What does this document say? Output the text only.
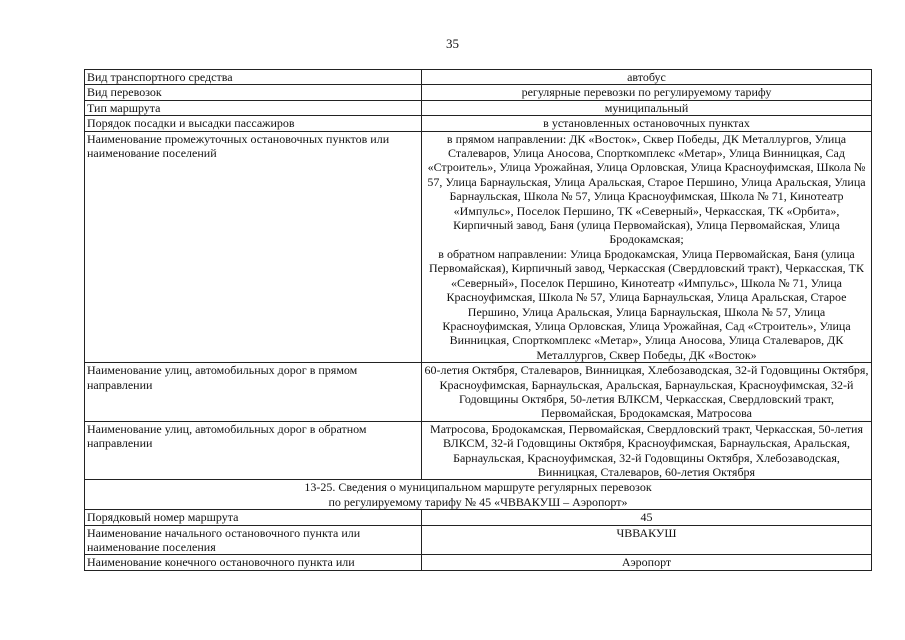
35
Вид транспортного средства	автобус
Вид перевозок	регулярные перевозки по регулируемому тарифу
Тип маршрута	муниципальный
Порядок посадки и высадки пассажиров	в установленных остановочных пунктах
Наименование промежуточных остановочных пунктов или наименование поселений	в прямом направлении: ДК «Восток», Сквер Победы, ДК Металлургов, Улица Сталеваров, Улица Аносова, Спорткомплекс «Метар», Улица Винницкая, Сад «Строитель», Улица Урожайная, Улица Орловская, Улица Красноуфимская, Школа № 57, Улица Барнаульская, Улица Аральская, Старое Першино, Улица Аральская, Улица Барнаульская, Школа № 57, Улица Красноуфимская, Школа № 71, Кинотеатр «Импульс», Поселок Першино, ТК «Северный», Черкасская, ТК «Орбита», Кирпичный завод, Баня (улица Первомайская), Улица Первомайская, Улица Бродокамская;
в обратном направлении: Улица Бродокамская, Улица Первомайская, Баня (улица Первомайская), Кирпичный завод, Черкасская (Свердловский тракт), Черкасская, ТК «Северный», Поселок Першино, Кинотеатр «Импульс», Школа № 71, Улица Красноуфимская, Школа № 57, Улица Барнаульская, Улица Аральская, Старое Першино, Улица Аральская, Улица Барнаульская, Школа № 57, Улица Красноуфимская, Улица Орловская, Улица Урожайная, Сад «Строитель», Улица Винницкая, Спорткомплекс «Метар», Улица Аносова, Улица Сталеваров, ДК Металлургов, Сквер Победы, ДК «Восток»

Наименование улиц, автомобильных дорог в прямом направлении	60-летия Октября, Сталеваров, Винницкая, Хлебозаводская, 32-й Годовщины Октября, Красноуфимская, Барнаульская, Аральская, Барнаульская, Красноуфимская, 32-й Годовщины Октября, 50-летия ВЛКСМ, Черкасская, Свердловский тракт, Первомайская, Бродокамская, Матросова
Наименование улиц, автомобильных дорог в обратном направлении	Матросова, Бродокамская, Первомайская, Свердловский тракт, Черкасская, 50-летия ВЛКСМ, 32-й Годовщины Октября, Красноуфимская, Барнаульская, Аральская, Барнаульская, Красноуфимская, 32-й Годовщины Октября, Хлебозаводская, Винницкая, Сталеваров, 60-летия Октября

13-25. Сведения о муниципальном маршруте регулярных перевозок
по регулируемому тарифу № 45 «ЧВВАКУШ – Аэропорт»	

Порядковый номер маршрута	45
Наименование начального остановочного пункта или наименование поселения	ЧВВАКУШ
Наименование конечного остановочного пункта или	Аэропорт
